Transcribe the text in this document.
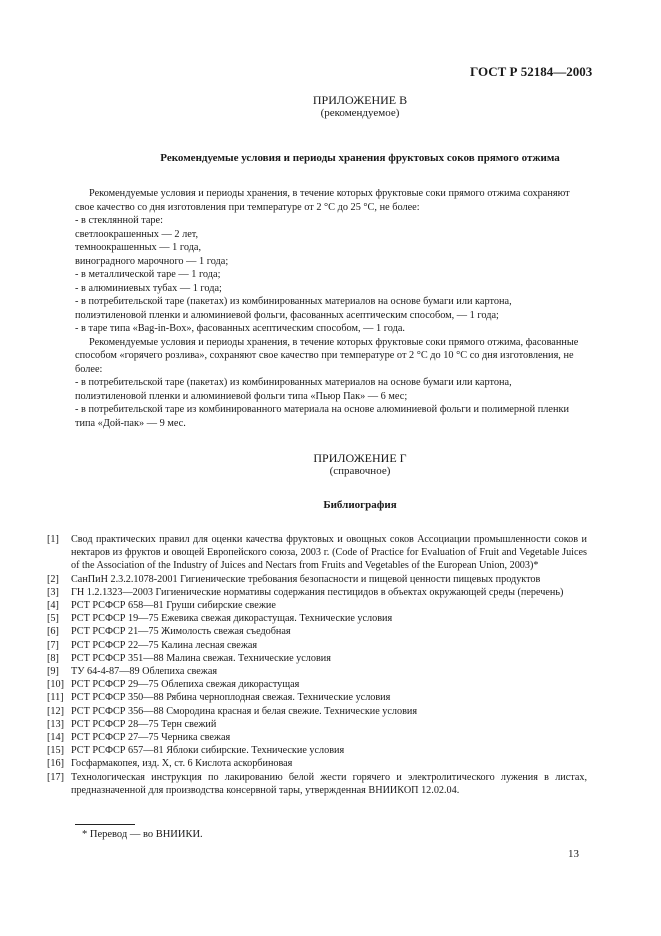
ГОСТ Р 52184—2003
ПРИЛОЖЕНИЕ В
(рекомендуемое)
Рекомендуемые условия и периоды хранения фруктовых соков прямого отжима

Рекомендуемые условия и периоды хранения, в течение которых фруктовые соки прямого отжима сохраняют свое качество со дня изготовления при температуре от 2 °С до 25 °С, не более:

- в стеклянной таре:

светлоокрашенных — 2 лет,

темноокрашенных — 1 года,

виноградного марочного — 1 года;

- в металлической таре — 1 года;

- в алюминиевых тубах — 1 года;

- в потребительской таре (пакетах) из комбинированных материалов на основе бумаги или картона, полиэтиленовой пленки и алюминиевой фольги, фасованных асептическим способом, — 1 года;

- в таре типа «Bag-in-Box», фасованных асептическим способом, — 1 года.

Рекомендуемые условия и периоды хранения, в течение которых фруктовые соки прямого отжима, фасованные способом «горячего розлива», сохраняют свое качество при температуре от 2 °С до 10 °С со дня изготовления, не более:

- в потребительской таре (пакетах) из комбинированных материалов на основе бумаги или картона, полиэтиленовой пленки и алюминиевой фольги типа «Пьюр Пак» — 6 мес;

- в потребительской таре из комбинированного материала на основе алюминиевой фольги и полимерной пленки типа «Дой-пак» — 9 мес.

ПРИЛОЖЕНИЕ Г
(справочное)
Библиография
[1]	Свод практических правил для оценки качества фруктовых и овощных соков Ассоциации промышленности соков и нектаров из фруктов и овощей Европейского союза, 2003 г. (Code of Practice for Evaluation of Fruit and Vegetable Juices of the Association of the Industry of Juices and Nectars from Fruits and Vegetables of the European Union, 2003)*
[2]	СанПиН 2.3.2.1078-2001 Гигиенические требования безопасности и пищевой ценности пищевых продуктов
[3]	ГН 1.2.1323—2003 Гигиенические нормативы содержания пестицидов в объектах окружающей среды (перечень)
[4]	РСТ РСФСР 658—81 Груши сибирские свежие
[5]	РСТ РСФСР 19—75 Ежевика свежая дикорастущая. Технические условия
[6]	РСТ РСФСР 21—75 Жимолость свежая съедобная
[7]	РСТ РСФСР 22—75 Калина лесная свежая
[8]	РСТ РСФСР 351—88 Малина свежая. Технические условия
[9]	ТУ 64-4-87—89 Облепиха свежая
[10] РСТ РСФСР 29—75 Облепиха свежая дикорастущая
[11] РСТ РСФСР 350—88 Рябина черноплодная свежая. Технические условия
[12] РСТ РСФСР 356—88 Смородина красная и белая свежие. Технические условия
[13] РСТ РСФСР 28—75 Терн свежий
[14] РСТ РСФСР 27—75 Черника свежая
[15] РСТ РСФСР 657—81 Яблоки сибирские. Технические условия
[16] Госфармакопея, изд. X, ст. 6 Кислота аскорбиновая
[17] Технологическая инструкция по лакированию белой жести горячего и электролитического лужения в листах, предназначенной для производства консервной тары, утвержденная ВНИИКОП 12.02.04.
* Перевод — во ВНИИКИ.
13
